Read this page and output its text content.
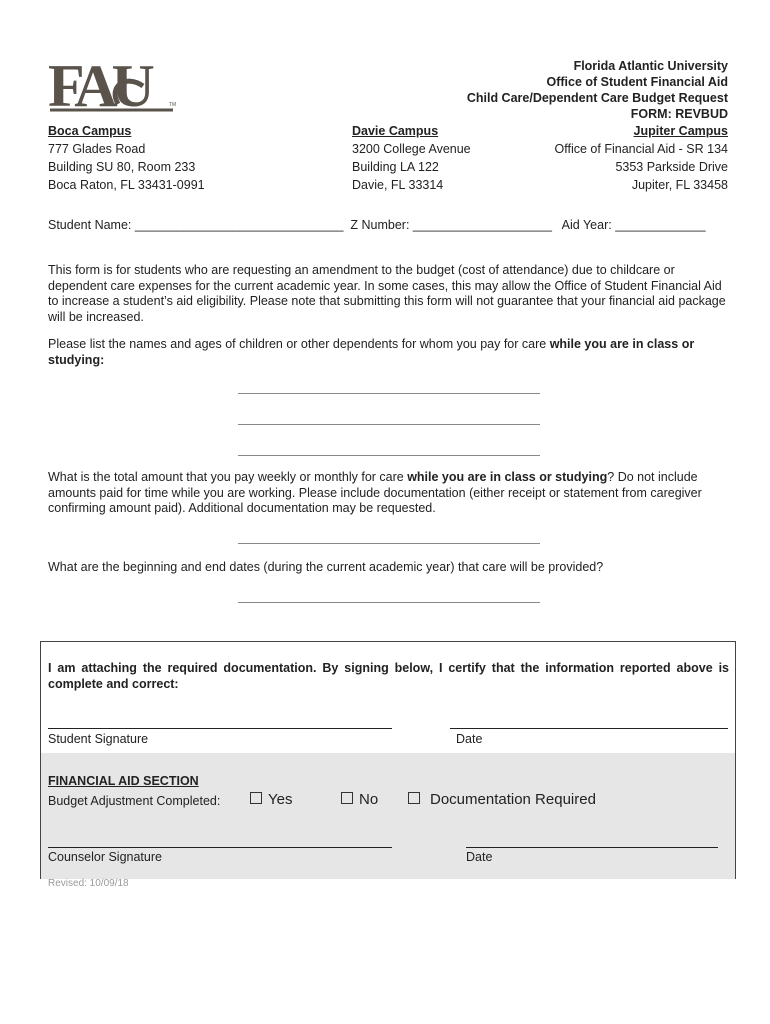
FAU	TM
Florida Atlantic University
Office of Student Financial Aid
Child Care/Dependent Care Budget Request
FORM: REVBUD
Boca Campus
777 Glades Road
Building SU 80, Room 233
Boca Raton, FL 33431-0991
Davie Campus
3200 College Avenue
Building LA 122
Davie, FL 33314
Jupiter Campus
Office of Financial Aid - SR 134
5353 Parkside Drive
Jupiter, FL 33458
Student Name: ______________________________ Z Number: ____________________ Aid Year: _____________
This form is for students who are requesting an amendment to the budget (cost of attendance) due to childcare or dependent care expenses for the current academic year. In some cases, this may allow the Office of Student Financial Aid to increase a student’s aid eligibility. Please note that submitting this form will not guarantee that your financial aid package will be increased.
Please list the names and ages of children or other dependents for whom you pay for care while you are in class or studying:
What is the total amount that you pay weekly or monthly for care while you are in class or studying? Do not include amounts paid for time while you are working. Please include documentation (either receipt or statement from caregiver confirming amount paid). Additional documentation may be requested.
What are the beginning and end dates (during the current academic year) that care will be provided?
I am attaching the required documentation. By signing below, I certify that the information reported above is complete and correct:
Student Signature	Date
FINANCIAL AID SECTION
Budget Adjustment Completed:	Yes	No	Documentation Required
Counselor Signature	Date
Revised: 10/09/18
